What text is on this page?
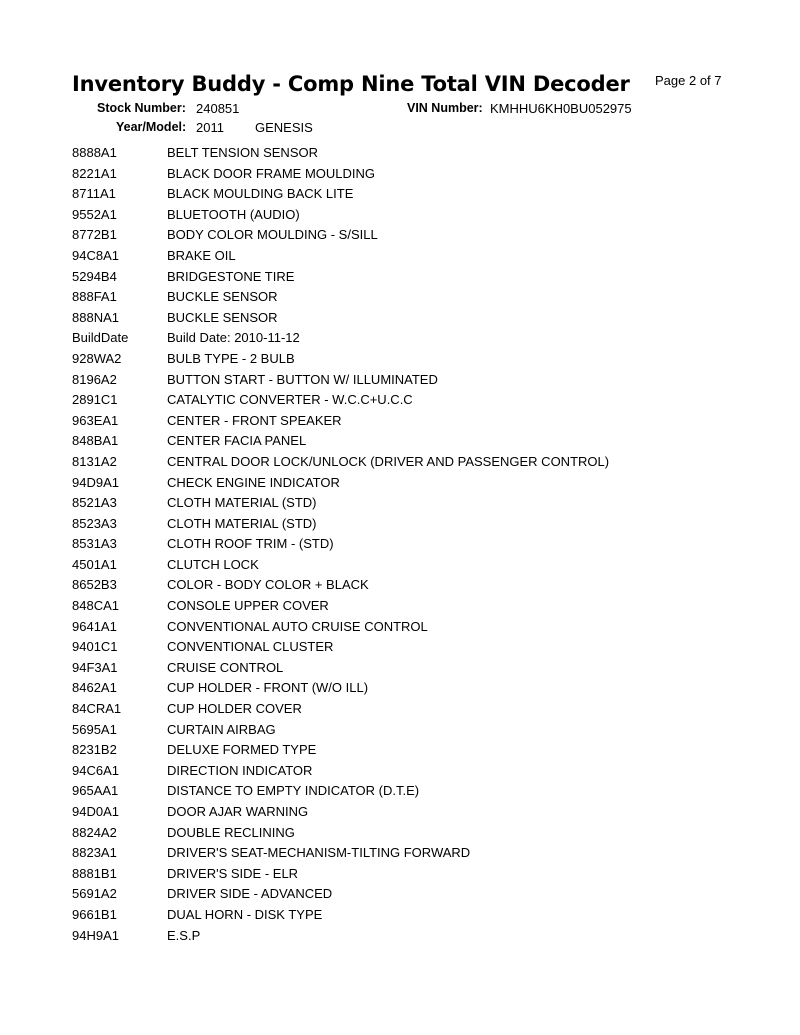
Inventory Buddy - Comp Nine Total VIN Decoder Page 2 of 7
Stock Number: 240851	VIN Number: KMHHU6KH0BU052975
Year/Model: 2011 GENESIS
8888A1	BELT TENSION SENSOR
8221A1	BLACK DOOR FRAME MOULDING
8711A1	BLACK MOULDING BACK LITE
9552A1	BLUETOOTH (AUDIO)
8772B1	BODY COLOR MOULDING - S/SILL
94C8A1	BRAKE OIL
5294B4	BRIDGESTONE TIRE
888FA1	BUCKLE SENSOR
888NA1	BUCKLE SENSOR
BuildDate	Build Date: 2010-11-12
928WA2	BULB TYPE - 2 BULB
8196A2	BUTTON START - BUTTON W/ ILLUMINATED
2891C1	CATALYTIC CONVERTER - W.C.C+U.C.C
963EA1	CENTER - FRONT SPEAKER
848BA1	CENTER FACIA PANEL
8131A2	CENTRAL DOOR LOCK/UNLOCK (DRIVER AND PASSENGER CONTROL)
94D9A1	CHECK ENGINE INDICATOR
8521A3	CLOTH MATERIAL (STD)
8523A3	CLOTH MATERIAL (STD)
8531A3	CLOTH ROOF TRIM - (STD)
4501A1	CLUTCH LOCK
8652B3	COLOR - BODY COLOR + BLACK
848CA1	CONSOLE UPPER COVER
9641A1	CONVENTIONAL AUTO CRUISE CONTROL
9401C1	CONVENTIONAL CLUSTER
94F3A1	CRUISE CONTROL
8462A1	CUP HOLDER - FRONT (W/O ILL)
84CRA1	CUP HOLDER COVER
5695A1	CURTAIN AIRBAG
8231B2	DELUXE FORMED TYPE
94C6A1	DIRECTION INDICATOR
965AA1	DISTANCE TO EMPTY INDICATOR (D.T.E)
94D0A1	DOOR AJAR WARNING
8824A2	DOUBLE RECLINING
8823A1	DRIVER'S SEAT-MECHANISM-TILTING FORWARD
8881B1	DRIVER'S SIDE - ELR
5691A2	DRIVER SIDE - ADVANCED
9661B1	DUAL HORN - DISK TYPE
94H9A1	E.S.P
